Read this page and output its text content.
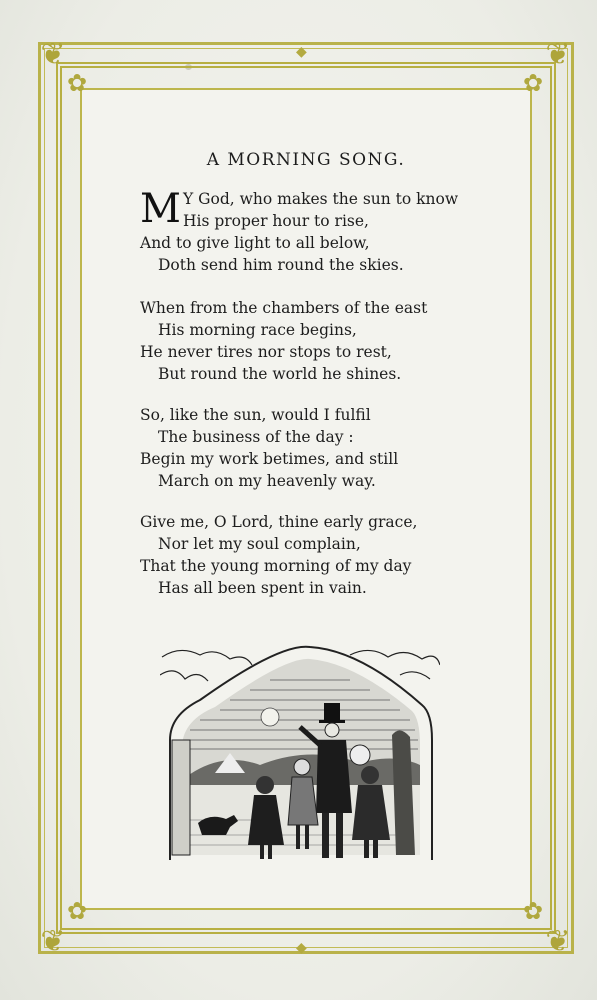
❦	❦
❦	❦
✿	✿
✿	✿
◆
◆
A MORNING SONG.
M Y God, who makes the sun to know
His proper hour to rise,
And to give light to all below,
Doth send him round the skies.
When from the chambers of the east
His morning race begins,
He never tires nor stops to rest,
But round the world he shines.
So, like the sun, would I fulfil
The business of the day :
Begin my work betimes, and still
March on my heavenly way.
Give me, O Lord, thine early grace,
Nor let my soul complain,
That the young morning of my day
Has all been spent in vain.
